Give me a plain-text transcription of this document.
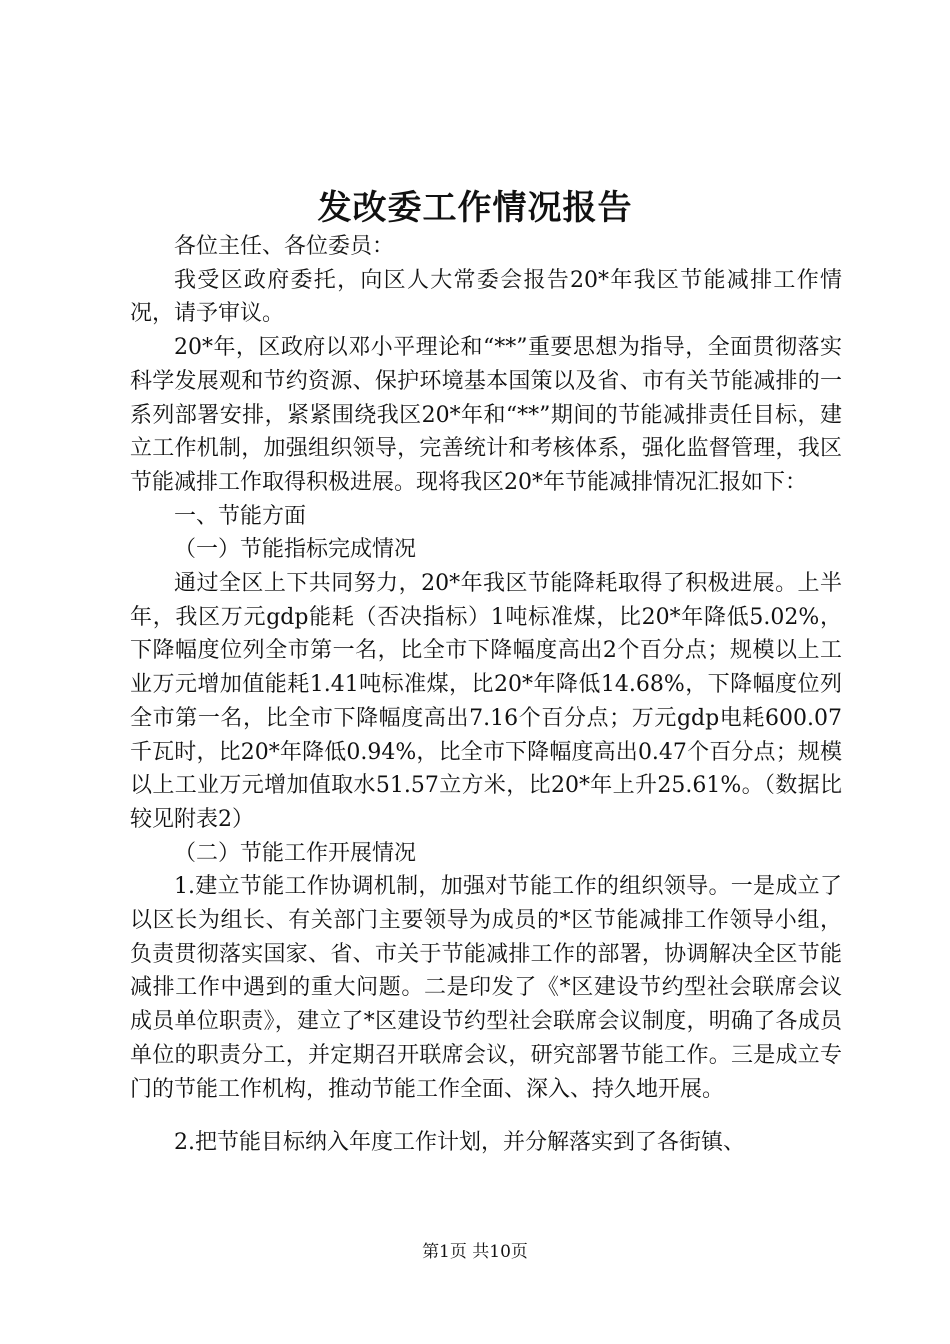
发改委工作情况报告

各位主任、各位委员：

我受区政府委托，向区人大常委会报告20*年我区节能减排工作情况，请予审议。

20*年，区政府以邓小平理论和“**”重要思想为指导，全面贯彻落实科学发展观和节约资源、保护环境基本国策以及省、市有关节能减排的一系列部署安排，紧紧围绕我区20*年和“**”期间的节能减排责任目标，建立工作机制，加强组织领导，完善统计和考核体系，强化监督管理，我区节能减排工作取得积极进展。现将我区20*年节能减排情况汇报如下：

一、节能方面

（一）节能指标完成情况

通过全区上下共同努力，20*年我区节能降耗取得了积极进展。上半年，我区万元gdp能耗（否决指标）1吨标准煤，比20*年降低5.02%，下降幅度位列全市第一名，比全市下降幅度高出2个百分点；规模以上工业万元增加值能耗1.41吨标准煤，比20*年降低14.68%，下降幅度位列全市第一名，比全市下降幅度高出7.16个百分点；万元gdp电耗600.07千瓦时，比20*年降低0.94%，比全市下降幅度高出0.47个百分点；规模以上工业万元增加值取水51.57立方米，比20*年上升25.61%。（数据比较见附表2）

（二）节能工作开展情况

1.建立节能工作协调机制，加强对节能工作的组织领导。一是成立了以区长为组长、有关部门主要领导为成员的*区节能减排工作领导小组，负责贯彻落实国家、省、市关于节能减排工作的部署，协调解决全区节能减排工作中遇到的重大问题。二是印发了《*区建设节约型社会联席会议成员单位职责》，建立了*区建设节约型社会联席会议制度，明确了各成员单位的职责分工，并定期召开联席会议，研究部署节能工作。三是成立专门的节能工作机构，推动节能工作全面、深入、持久地开展。

2.把节能目标纳入年度工作计划，并分解落实到了各街镇、

第1页 共10页
